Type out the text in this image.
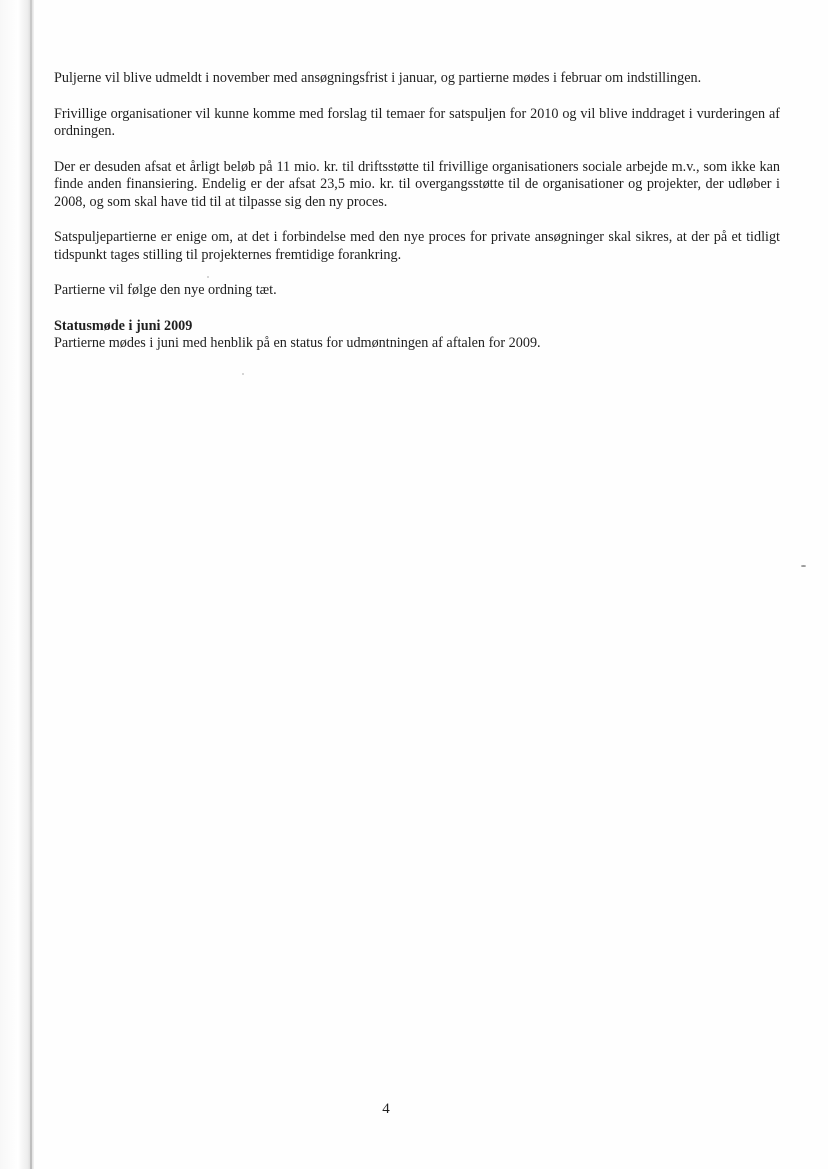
Puljerne vil blive udmeldt i november med ansøgningsfrist i januar, og partierne mødes i februar om indstillingen.

Frivillige organisationer vil kunne komme med forslag til temaer for satspuljen for 2010 og vil blive inddraget i vurderingen af ordningen.

Der er desuden afsat et årligt beløb på 11 mio. kr. til driftsstøtte til frivillige organisationers sociale arbejde m.v., som ikke kan finde anden finansiering. Endelig er der afsat 23,5 mio. kr. til overgangsstøtte til de organisationer og projekter, der udløber i 2008, og som skal have tid til at tilpasse sig den ny proces.

Satspuljepartierne er enige om, at det i forbindelse med den nye proces for private ansøgninger skal sikres, at der på et tidligt tidspunkt tages stilling til projekternes fremtidige forankring.

Partierne vil følge den nye ordning tæt.

Statusmøde i juni 2009

Partierne mødes i juni med henblik på en status for udmøntningen af aftalen for 2009.

4
